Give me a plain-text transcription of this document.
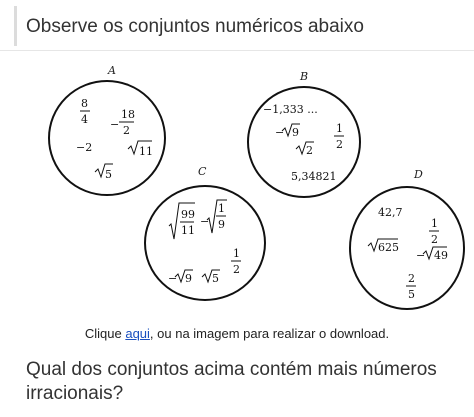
Observe os conjuntos numéricos abaixo
A
8
4 −
18
2
−2	11
5
B
−1,333 ...
− 9
2
1
2
5,34821
C
99
11
−
1
9
− 9 5
1
2
D
42,7
1
2
625
− 49
2
5
Clique aqui, ou na imagem para realizar o download.
Qual dos conjuntos acima contém mais números irracionais?
